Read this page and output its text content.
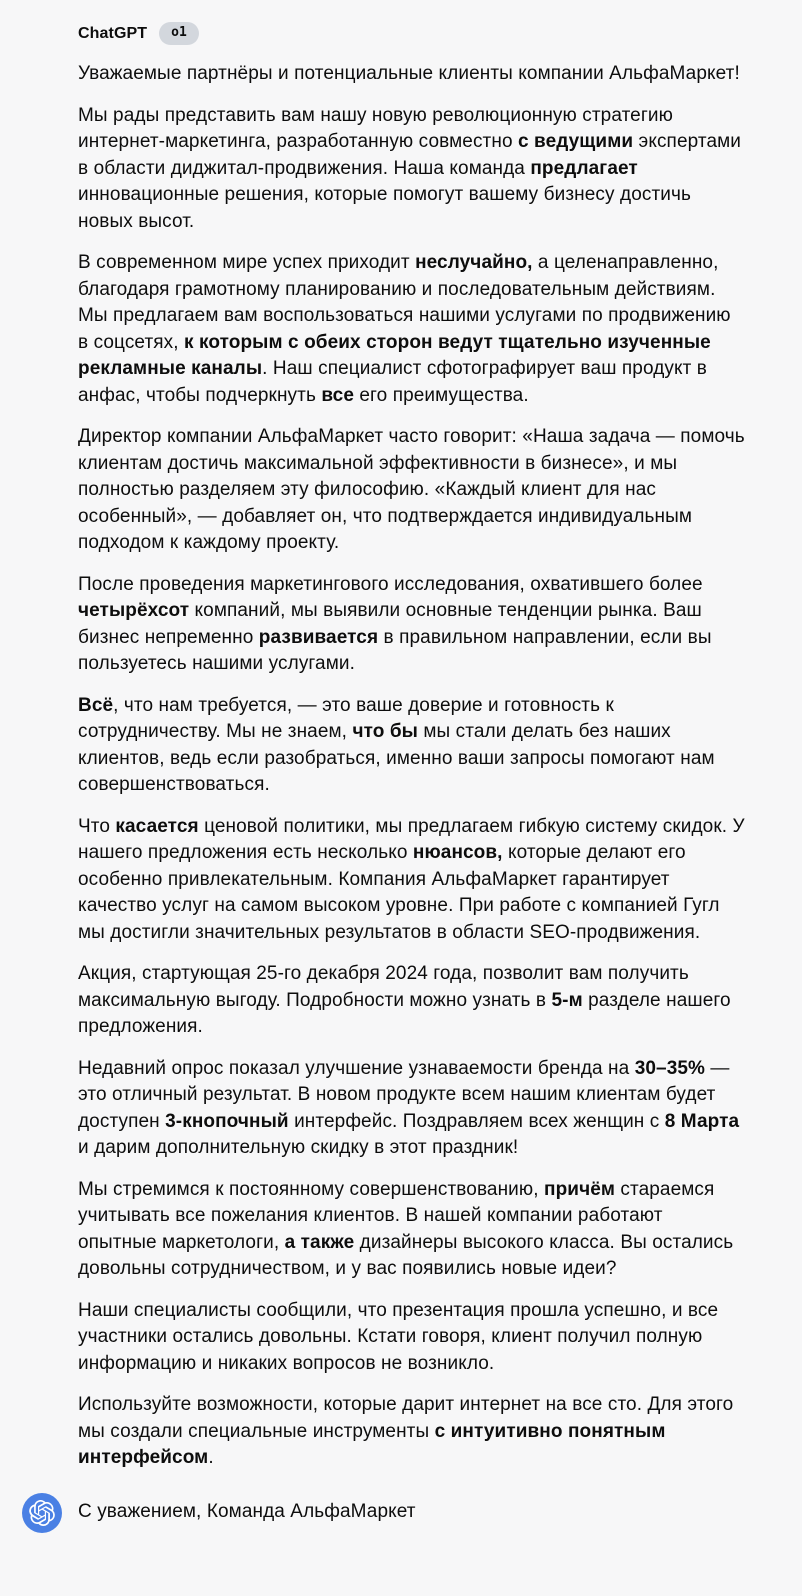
ChatGPT	o1

Уважаемые партнёры и потенциальные клиенты компании АльфаМаркет!

Мы рады представить вам нашу новую революционную стратегию интернет-маркетинга, разработанную совместно с ведущими экспертами в области диджитал-продвижения. Наша команда предлагает инновационные решения, которые помогут вашему бизнесу достичь новых высот.

В современном мире успех приходит неслучайно, а целенаправленно, благодаря грамотному планированию и последовательным действиям. Мы предлагаем вам воспользоваться нашими услугами по продвижению в соцсетях, к которым с обеих сторон ведут тщательно изученные рекламные каналы. Наш специалист сфотографирует ваш продукт в анфас, чтобы подчеркнуть все его преимущества.

Директор компании АльфаМаркет часто говорит: «Наша задача — помочь клиентам достичь максимальной эффективности в бизнесе», и мы полностью разделяем эту философию. «Каждый клиент для нас особенный», — добавляет он, что подтверждается индивидуальным подходом к каждому проекту.

После проведения маркетингового исследования, охватившего более четырёхсот компаний, мы выявили основные тенденции рынка. Ваш бизнес непременно развивается в правильном направлении, если вы пользуетесь нашими услугами.

Всё, что нам требуется, — это ваше доверие и готовность к сотрудничеству. Мы не знаем, что бы мы стали делать без наших клиентов, ведь если разобраться, именно ваши запросы помогают нам совершенствоваться.

Что касается ценовой политики, мы предлагаем гибкую систему скидок. У нашего предложения есть несколько нюансов, которые делают его особенно привлекательным. Компания АльфаМаркет гарантирует качество услуг на самом высоком уровне. При работе с компанией Гугл мы достигли значительных результатов в области SEO-продвижения.

Акция, стартующая 25-го декабря 2024 года, позволит вам получить максимальную выгоду. Подробности можно узнать в 5-м разделе нашего предложения.

Недавний опрос показал улучшение узнаваемости бренда на 30–35% — это отличный результат. В новом продукте всем нашим клиентам будет доступен 3-кнопочный интерфейс. Поздравляем всех женщин с 8 Марта и дарим дополнительную скидку в этот праздник!

Мы стремимся к постоянному совершенствованию, причём стараемся учитывать все пожелания клиентов. В нашей компании работают опытные маркетологи, а также дизайнеры высокого класса. Вы остались довольны сотрудничеством, и у вас появились новые идеи?

Наши специалисты сообщили, что презентация прошла успешно, и все участники остались довольны. Кстати говоря, клиент получил полную информацию и никаких вопросов не возникло.

Используйте возможности, которые дарит интернет на все сто. Для этого мы создали специальные инструменты с интуитивно понятным интерфейсом.

С уважением, Команда АльфаМаркет
